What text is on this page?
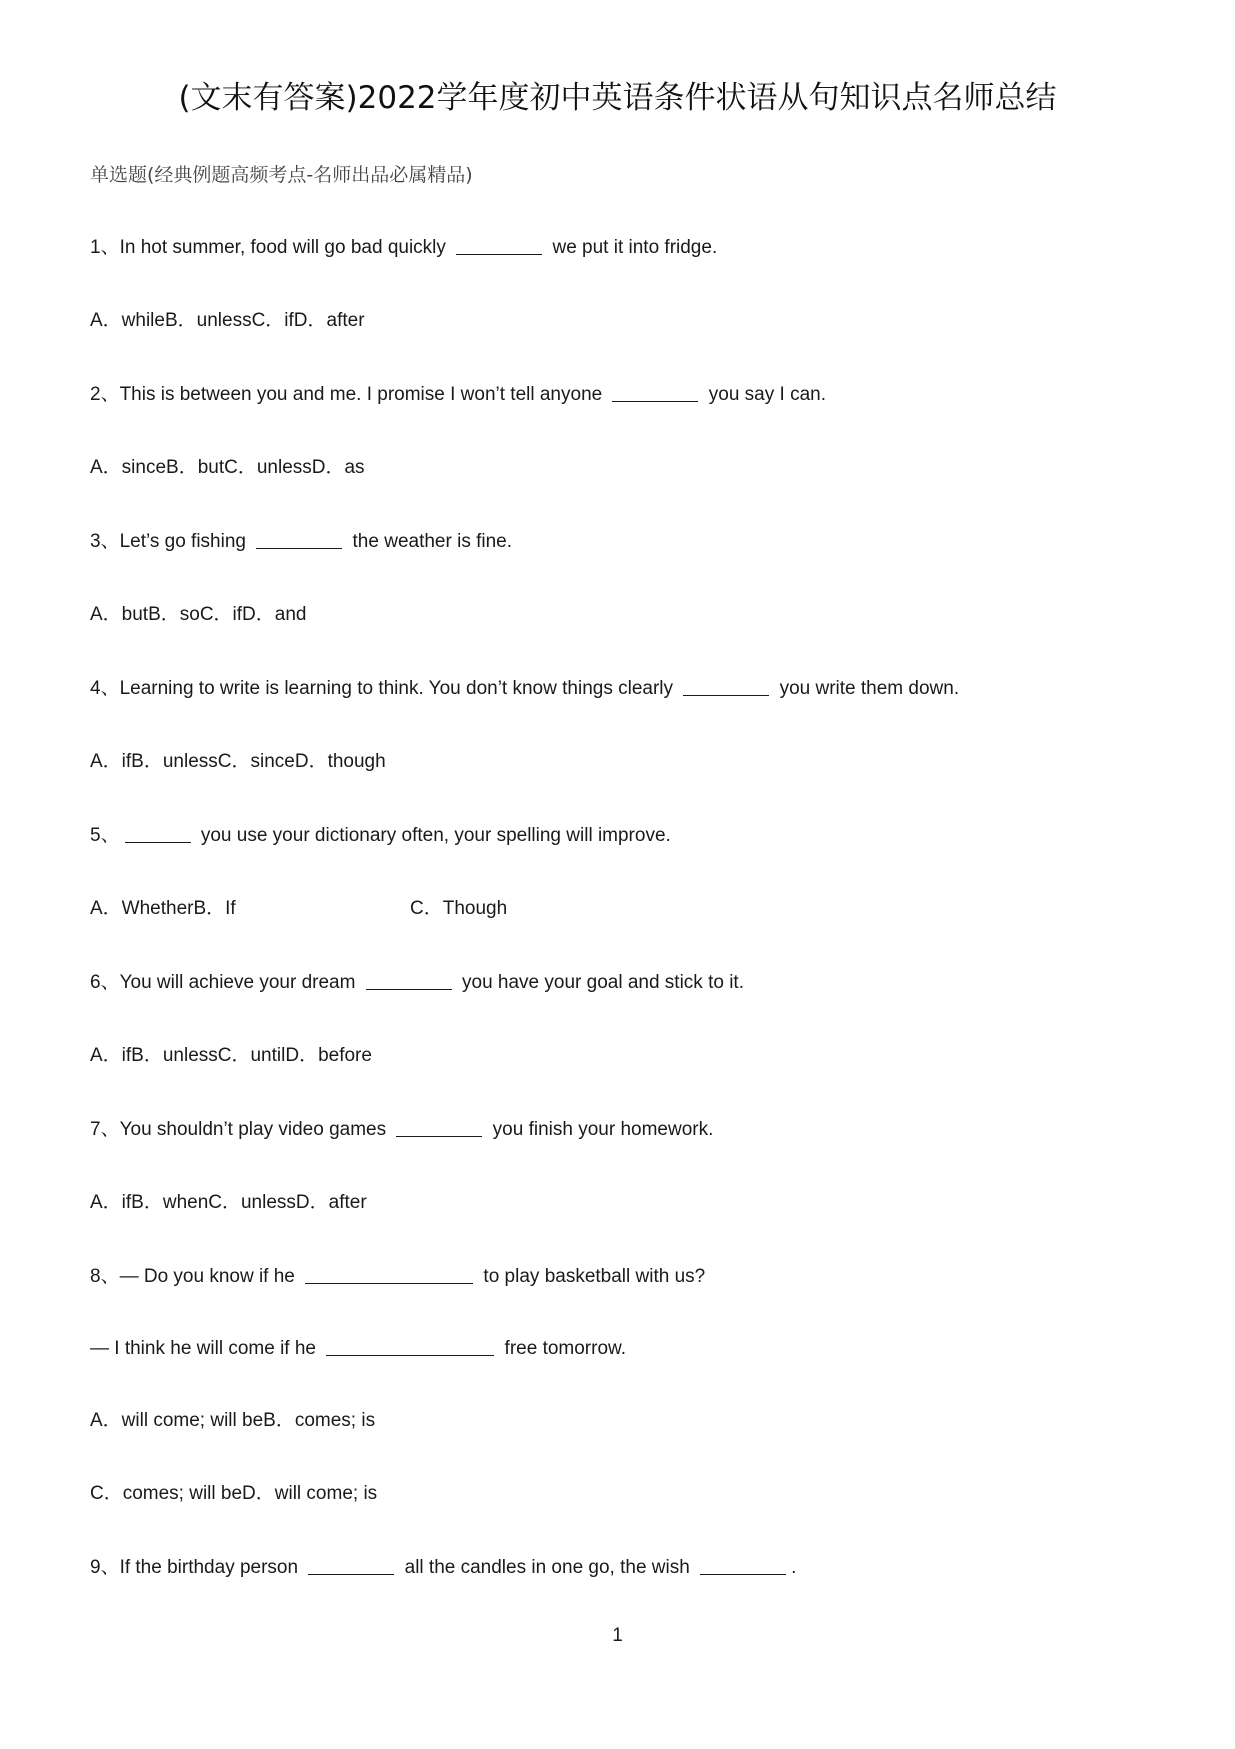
(文末有答案)2022学年度初中英语条件状语从句知识点名师总结
单选题(经典例题高频考点-名师出品必属精品)
1、In hot summer, food will go bad quickly	we put it into fridge.
A．whileB．unlessC．ifD．after
2、This is between you and me. I promise I won’t tell anyone	you say I can.
A．sinceB．butC．unlessD．as
3、Let’s go fishing	the weather is fine.
A．butB．soC．ifD．and
4、Learning to write is learning to think. You don’t know things clearly	you write them down.
A．ifB．unlessC．sinceD．though
5、	you use your dictionary often, your spelling will improve.
A．WhetherB．If	C．Though
6、You will achieve your dream	you have your goal and stick to it.
A．ifB．unlessC．untilD．before
7、You shouldn’t play video games	you finish your homework.
A．ifB．whenC．unlessD．after
8、— Do you know if he	to play basketball with us?
— I think he will come if he	free tomorrow.
A．will come; will beB．comes; is
C．comes; will beD．will come; is
9、If the birthday person	all the candles in one go, the wish	.
1
